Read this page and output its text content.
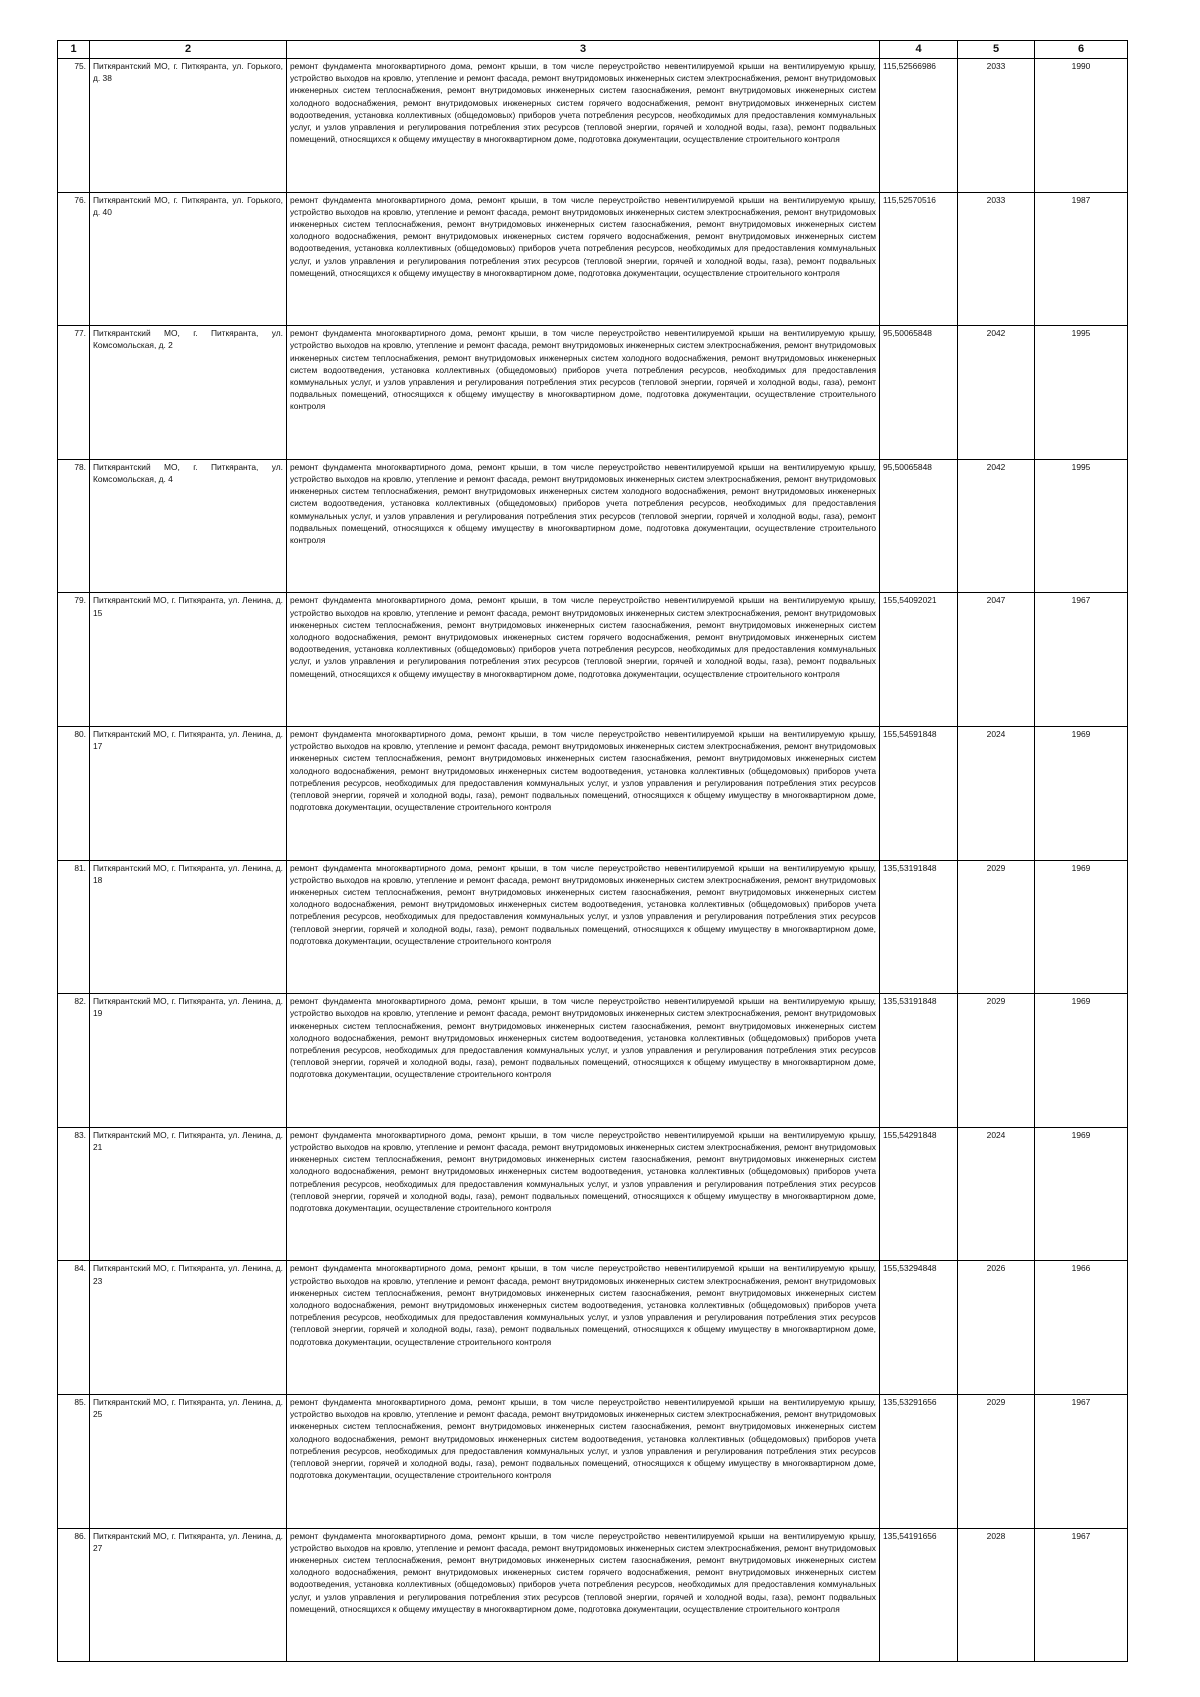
1	2	3	4	5	6
75.	Питкярантский МО, г. Питкяранта, ул. Горького, д. 38	ремонт фундамента многоквартирного дома, ремонт крыши, в том числе переустройство невентилируемой крыши на вентилируемую крышу, устройство выходов на кровлю, утепление и ремонт фасада, ремонт внутридомовых инженерных систем электроснабжения, ремонт внутридомовых инженерных систем теплоснабжения, ремонт внутридомовых инженерных систем газоснабжения, ремонт внутридомовых инженерных систем холодного водоснабжения, ремонт внутридомовых инженерных систем горячего водоснабжения, ремонт внутридомовых инженерных систем водоотведения, установка коллективных (общедомовых) приборов учета потребления ресурсов, необходимых для предоставления коммунальных услуг, и узлов управления и регулирования потребления этих ресурсов (тепловой энергии, горячей и холодной воды, газа), ремонт подвальных помещений, относящихся к общему имуществу в многоквартирном доме, подготовка документации, осуществление строительного контроля	115,52566986	2033	1990
76.	Питкярантский МО, г. Питкяранта, ул. Горького, д. 40	ремонт фундамента многоквартирного дома, ремонт крыши, в том числе переустройство невентилируемой крыши на вентилируемую крышу, устройство выходов на кровлю, утепление и ремонт фасада, ремонт внутридомовых инженерных систем электроснабжения, ремонт внутридомовых инженерных систем теплоснабжения, ремонт внутридомовых инженерных систем газоснабжения, ремонт внутридомовых инженерных систем холодного водоснабжения, ремонт внутридомовых инженерных систем горячего водоснабжения, ремонт внутридомовых инженерных систем водоотведения, установка коллективных (общедомовых) приборов учета потребления ресурсов, необходимых для предоставления коммунальных услуг, и узлов управления и регулирования потребления этих ресурсов (тепловой энергии, горячей и холодной воды, газа), ремонт подвальных помещений, относящихся к общему имуществу в многоквартирном доме, подготовка документации, осуществление строительного контроля	115,52570516	2033	1987
77.	Питкярантский МО, г. Питкяранта, ул. Комсомольская, д. 2	ремонт фундамента многоквартирного дома, ремонт крыши, в том числе переустройство невентилируемой крыши на вентилируемую крышу, устройство выходов на кровлю, утепление и ремонт фасада, ремонт внутридомовых инженерных систем электроснабжения, ремонт внутридомовых инженерных систем теплоснабжения, ремонт внутридомовых инженерных систем холодного водоснабжения, ремонт внутридомовых инженерных систем водоотведения, установка коллективных (общедомовых) приборов учета потребления ресурсов, необходимых для предоставления коммунальных услуг, и узлов управления и регулирования потребления этих ресурсов (тепловой энергии, горячей и холодной воды, газа), ремонт подвальных помещений, относящихся к общему имуществу в многоквартирном доме, подготовка документации, осуществление строительного контроля	95,50065848	2042	1995
78.	Питкярантский МО, г. Питкяранта, ул. Комсомольская, д. 4	ремонт фундамента многоквартирного дома, ремонт крыши, в том числе переустройство невентилируемой крыши на вентилируемую крышу, устройство выходов на кровлю, утепление и ремонт фасада, ремонт внутридомовых инженерных систем электроснабжения, ремонт внутридомовых инженерных систем теплоснабжения, ремонт внутридомовых инженерных систем холодного водоснабжения, ремонт внутридомовых инженерных систем водоотведения, установка коллективных (общедомовых) приборов учета потребления ресурсов, необходимых для предоставления коммунальных услуг, и узлов управления и регулирования потребления этих ресурсов (тепловой энергии, горячей и холодной воды, газа), ремонт подвальных помещений, относящихся к общему имуществу в многоквартирном доме, подготовка документации, осуществление строительного контроля	95,50065848	2042	1995
79.	Питкярантский МО, г. Питкяранта, ул. Ленина, д. 15	ремонт фундамента многоквартирного дома, ремонт крыши, в том числе переустройство невентилируемой крыши на вентилируемую крышу, устройство выходов на кровлю, утепление и ремонт фасада, ремонт внутридомовых инженерных систем электроснабжения, ремонт внутридомовых инженерных систем теплоснабжения, ремонт внутридомовых инженерных систем газоснабжения, ремонт внутридомовых инженерных систем холодного водоснабжения, ремонт внутридомовых инженерных систем горячего водоснабжения, ремонт внутридомовых инженерных систем водоотведения, установка коллективных (общедомовых) приборов учета потребления ресурсов, необходимых для предоставления коммунальных услуг, и узлов управления и регулирования потребления этих ресурсов (тепловой энергии, горячей и холодной воды, газа), ремонт подвальных помещений, относящихся к общему имуществу в многоквартирном доме, подготовка документации, осуществление строительного контроля	155,54092021	2047	1967
80.	Питкярантский МО, г. Питкяранта, ул. Ленина, д. 17	ремонт фундамента многоквартирного дома, ремонт крыши, в том числе переустройство невентилируемой крыши на вентилируемую крышу, устройство выходов на кровлю, утепление и ремонт фасада, ремонт внутридомовых инженерных систем электроснабжения, ремонт внутридомовых инженерных систем теплоснабжения, ремонт внутридомовых инженерных систем газоснабжения, ремонт внутридомовых инженерных систем холодного водоснабжения, ремонт внутридомовых инженерных систем водоотведения, установка коллективных (общедомовых) приборов учета потребления ресурсов, необходимых для предоставления коммунальных услуг, и узлов управления и регулирования потребления этих ресурсов (тепловой энергии, горячей и холодной воды, газа), ремонт подвальных помещений, относящихся к общему имуществу в многоквартирном доме, подготовка документации, осуществление строительного контроля	155,54591848	2024	1969
81.	Питкярантский МО, г. Питкяранта, ул. Ленина, д. 18	ремонт фундамента многоквартирного дома, ремонт крыши, в том числе переустройство невентилируемой крыши на вентилируемую крышу, устройство выходов на кровлю, утепление и ремонт фасада, ремонт внутридомовых инженерных систем электроснабжения, ремонт внутридомовых инженерных систем теплоснабжения, ремонт внутридомовых инженерных систем газоснабжения, ремонт внутридомовых инженерных систем холодного водоснабжения, ремонт внутридомовых инженерных систем водоотведения, установка коллективных (общедомовых) приборов учета потребления ресурсов, необходимых для предоставления коммунальных услуг, и узлов управления и регулирования потребления этих ресурсов (тепловой энергии, горячей и холодной воды, газа), ремонт подвальных помещений, относящихся к общему имуществу в многоквартирном доме, подготовка документации, осуществление строительного контроля	135,53191848	2029	1969
82.	Питкярантский МО, г. Питкяранта, ул. Ленина, д. 19	ремонт фундамента многоквартирного дома, ремонт крыши, в том числе переустройство невентилируемой крыши на вентилируемую крышу, устройство выходов на кровлю, утепление и ремонт фасада, ремонт внутридомовых инженерных систем электроснабжения, ремонт внутридомовых инженерных систем теплоснабжения, ремонт внутридомовых инженерных систем газоснабжения, ремонт внутридомовых инженерных систем холодного водоснабжения, ремонт внутридомовых инженерных систем водоотведения, установка коллективных (общедомовых) приборов учета потребления ресурсов, необходимых для предоставления коммунальных услуг, и узлов управления и регулирования потребления этих ресурсов (тепловой энергии, горячей и холодной воды, газа), ремонт подвальных помещений, относящихся к общему имуществу в многоквартирном доме, подготовка документации, осуществление строительного контроля	135,53191848	2029	1969
83.	Питкярантский МО, г. Питкяранта, ул. Ленина, д. 21	ремонт фундамента многоквартирного дома, ремонт крыши, в том числе переустройство невентилируемой крыши на вентилируемую крышу, устройство выходов на кровлю, утепление и ремонт фасада, ремонт внутридомовых инженерных систем электроснабжения, ремонт внутридомовых инженерных систем теплоснабжения, ремонт внутридомовых инженерных систем газоснабжения, ремонт внутридомовых инженерных систем холодного водоснабжения, ремонт внутридомовых инженерных систем водоотведения, установка коллективных (общедомовых) приборов учета потребления ресурсов, необходимых для предоставления коммунальных услуг, и узлов управления и регулирования потребления этих ресурсов (тепловой энергии, горячей и холодной воды, газа), ремонт подвальных помещений, относящихся к общему имуществу в многоквартирном доме, подготовка документации, осуществление строительного контроля	155,54291848	2024	1969
84.	Питкярантский МО, г. Питкяранта, ул. Ленина, д. 23	ремонт фундамента многоквартирного дома, ремонт крыши, в том числе переустройство невентилируемой крыши на вентилируемую крышу, устройство выходов на кровлю, утепление и ремонт фасада, ремонт внутридомовых инженерных систем электроснабжения, ремонт внутридомовых инженерных систем теплоснабжения, ремонт внутридомовых инженерных систем газоснабжения, ремонт внутридомовых инженерных систем холодного водоснабжения, ремонт внутридомовых инженерных систем водоотведения, установка коллективных (общедомовых) приборов учета потребления ресурсов, необходимых для предоставления коммунальных услуг, и узлов управления и регулирования потребления этих ресурсов (тепловой энергии, горячей и холодной воды, газа), ремонт подвальных помещений, относящихся к общему имуществу в многоквартирном доме, подготовка документации, осуществление строительного контроля	155,53294848	2026	1966
85.	Питкярантский МО, г. Питкяранта, ул. Ленина, д. 25	ремонт фундамента многоквартирного дома, ремонт крыши, в том числе переустройство невентилируемой крыши на вентилируемую крышу, устройство выходов на кровлю, утепление и ремонт фасада, ремонт внутридомовых инженерных систем электроснабжения, ремонт внутридомовых инженерных систем теплоснабжения, ремонт внутридомовых инженерных систем газоснабжения, ремонт внутридомовых инженерных систем холодного водоснабжения, ремонт внутридомовых инженерных систем водоотведения, установка коллективных (общедомовых) приборов учета потребления ресурсов, необходимых для предоставления коммунальных услуг, и узлов управления и регулирования потребления этих ресурсов (тепловой энергии, горячей и холодной воды, газа), ремонт подвальных помещений, относящихся к общему имуществу в многоквартирном доме, подготовка документации, осуществление строительного контроля	135,53291656	2029	1967
86.	Питкярантский МО, г. Питкяранта, ул. Ленина, д. 27	ремонт фундамента многоквартирного дома, ремонт крыши, в том числе переустройство невентилируемой крыши на вентилируемую крышу, устройство выходов на кровлю, утепление и ремонт фасада, ремонт внутридомовых инженерных систем электроснабжения, ремонт внутридомовых инженерных систем теплоснабжения, ремонт внутридомовых инженерных систем газоснабжения, ремонт внутридомовых инженерных систем холодного водоснабжения, ремонт внутридомовых инженерных систем горячего водоснабжения, ремонт внутридомовых инженерных систем водоотведения, установка коллективных (общедомовых) приборов учета потребления ресурсов, необходимых для предоставления коммунальных услуг, и узлов управления и регулирования потребления этих ресурсов (тепловой энергии, горячей и холодной воды, газа), ремонт подвальных помещений, относящихся к общему имуществу в многоквартирном доме, подготовка документации, осуществление строительного контроля	135,54191656	2028	1967
